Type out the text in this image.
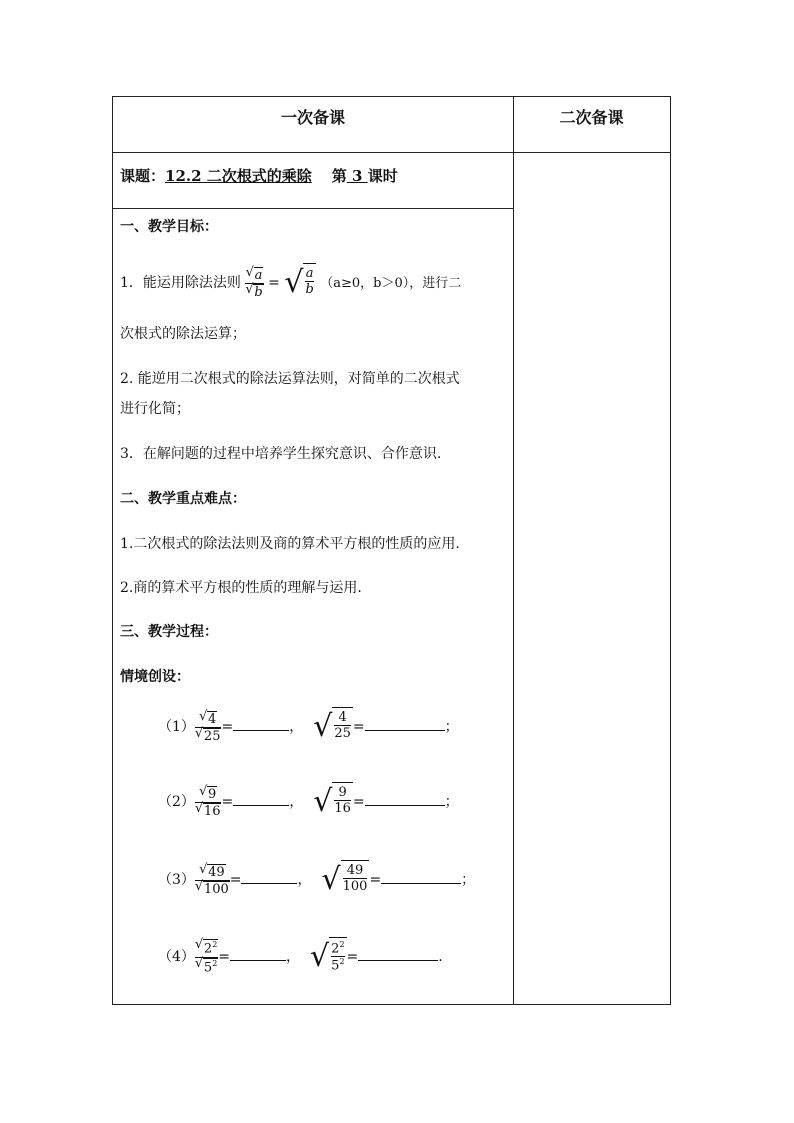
一次备课	二次备课
课题：12.2 二次根式的乘除 第 3 课时
一、教学目标：
1．能运用除法法则 $\frac{√ a}{√ b}$ = √ a
b （a≥0，b＞0），进行二
次根式的除法运算；
2. 能逆用二次根式的除法运算法则，对简单的二次根式
进行化简；
3．在解问题的过程中培养学生探究意识、合作意识.
二、教学重点难点：
1.二次根式的除法法则及商的算术平方根的性质的应用.
2.商的算术平方根的性质的理解与运用.
三、教学过程：
情境创设：
$(1) \frac{√ 4}{√ 25}$ =	， √ 4
25 =	；
$(2) \frac{√ 9}{√ 16}$ =	， √ 9
16 =	；
$(3) \frac{√ 49}{√ 100}$ =	， √ 49
100 =	；
$(4) \frac{√ 2^2}{√ 5^2}$ =	， √ $2^2$
$5^2$ =	.
